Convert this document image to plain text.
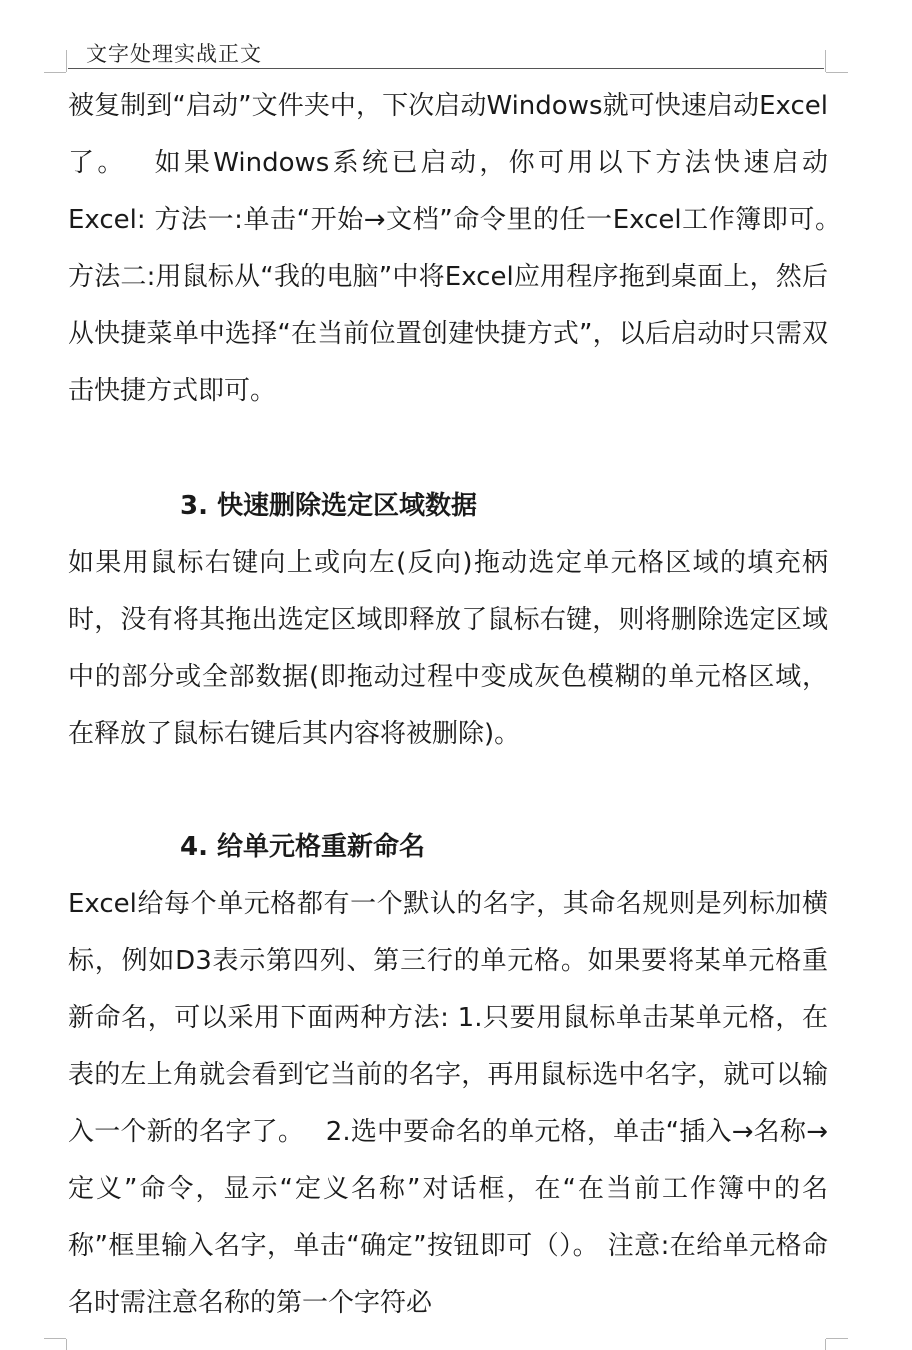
文字处理实战正文

被复制到“启动”文件夹中，下次启动Windows就可快速启动Excel了。　 如果Windows系统已启动，你可用以下方法快速启动Excel: 方法一:单击“开始→文档”命令里的任一Excel工作簿即可。　 方法二:用鼠标从“我的电脑”中将Excel应用程序拖到桌面上，然后从快捷菜单中选择“在当前位置创建快捷方式”，以后启动时只需双击快捷方式即可。

3. 快速删除选定区域数据

如果用鼠标右键向上或向左(反向)拖动选定单元格区域的填充柄时，没有将其拖出选定区域即释放了鼠标右键，则将删除选定区域中的部分或全部数据(即拖动过程中变成灰色模糊的单元格区域，在释放了鼠标右键后其内容将被删除)。

4. 给单元格重新命名

Excel给每个单元格都有一个默认的名字，其命名规则是列标加横标，例如D3表示第四列、第三行的单元格。如果要将某单元格重新命名，可以采用下面两种方法: 1.只要用鼠标单击某单元格，在表的左上角就会看到它当前的名字，再用鼠标选中名字，就可以输入一个新的名字了。　 2.选中要命名的单元格，单击“插入→名称→定义”命令，显示“定义名称”对话框，在“在当前工作簿中的名称”框里输入名字，单击“确定”按钮即可（）。 注意:在给单元格命名时需注意名称的第一个字符必
